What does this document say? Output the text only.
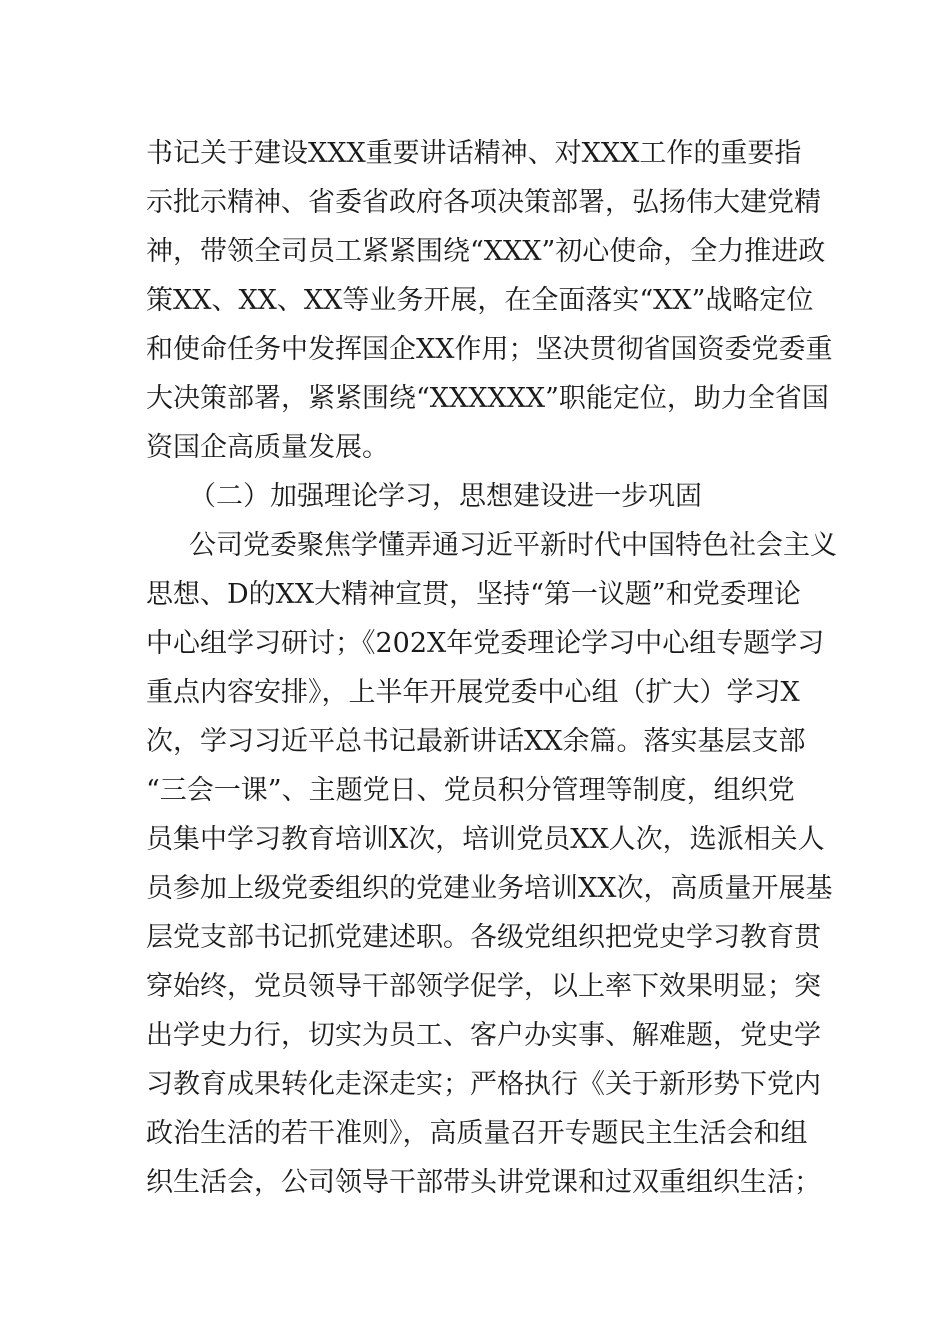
书记关于建设XXX重要讲话精神、对XXX工作的重要指
示批示精神、省委省政府各项决策部署，弘扬伟大建党精
神，带领全司员工紧紧围绕“XXX”初心使命，全力推进政
策XX、XX、XX等业务开展，在全面落实“XX”战略定位
和使命任务中发挥国企XX作用；坚决贯彻省国资委党委重
大决策部署，紧紧围绕“XXXXXX”职能定位，助力全省国
资国企高质量发展。
（二）加强理论学习，思想建设进一步巩固
公司党委聚焦学懂弄通习近平新时代中国特色社会主义
思想、D的XX大精神宣贯，坚持“第一议题”和党委理论
中心组学习研讨；《202X年党委理论学习中心组专题学习
重点内容安排》，上半年开展党委中心组（扩大）学习X
次，学习习近平总书记最新讲话XX余篇。落实基层支部
“三会一课”、主题党日、党员积分管理等制度，组织党
员集中学习教育培训X次，培训党员XX人次，选派相关人
员参加上级党委组织的党建业务培训XX次，高质量开展基
层党支部书记抓党建述职。各级党组织把党史学习教育贯
穿始终，党员领导干部领学促学，以上率下效果明显；突
出学史力行，切实为员工、客户办实事、解难题，党史学
习教育成果转化走深走实；严格执行《关于新形势下党内
政治生活的若干准则》，高质量召开专题民主生活会和组
织生活会，公司领导干部带头讲党课和过双重组织生活；
